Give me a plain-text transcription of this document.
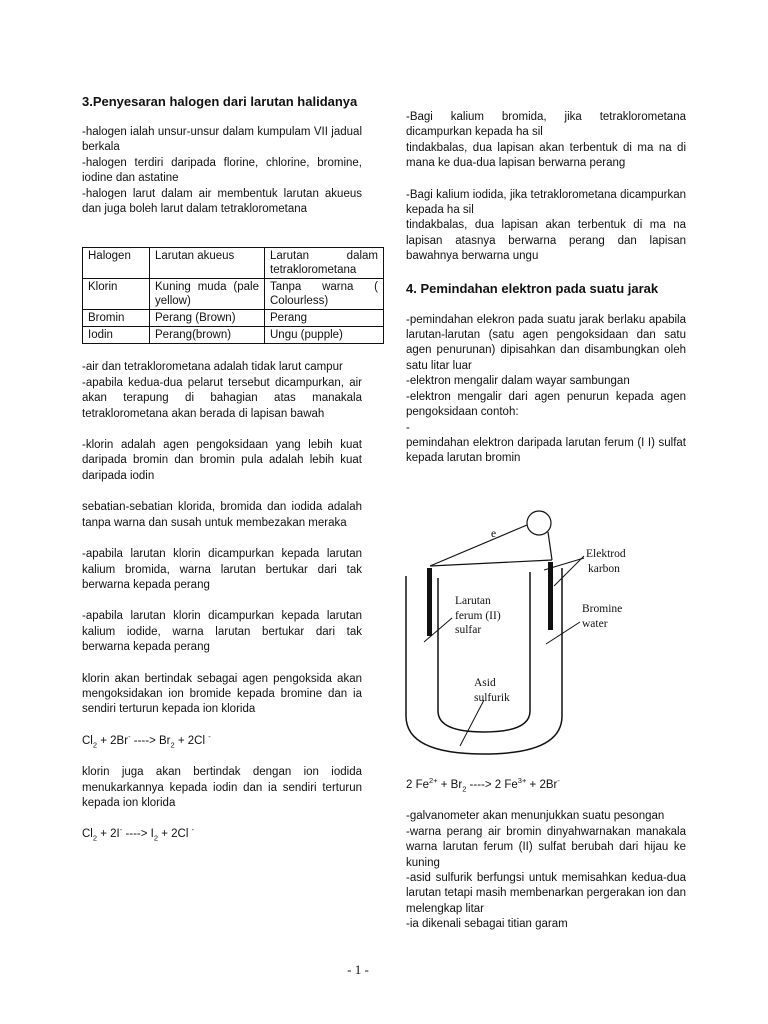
3.Penyesaran halogen dari larutan halidanya

-halogen ialah unsur-unsur dalam kumpulam VII jadual berkala
-halogen terdiri daripada florine, chlorine, bromine, iodine dan astatine
-halogen larut dalam air membentuk larutan akueus dan juga boleh larut dalam tetraklorometana

Halogen	Larutan akueus	Larutan dalam tetraklorometana
Klorin	Kuning muda (pale yellow)	Tanpa warna ( Colourless)
Bromin	Perang (Brown)	Perang
Iodin	Perang(brown)	Ungu (pupple)

-air dan tetraklorometana adalah tidak larut campur
-apabila kedua-dua pelarut tersebut dicampurkan, air akan terapung di bahagian atas manakala tetraklorometana akan berada di lapisan bawah

-klorin adalah agen pengoksidaan yang lebih kuat daripada bromin dan bromin pula adalah lebih kuat daripada iodin

sebatian-sebatian klorida, bromida dan iodida adalah tanpa warna dan susah untuk membezakan meraka

-apabila larutan klorin dicampurkan kepada larutan kalium bromida, warna larutan bertukar dari tak berwarna kepada perang

-apabila larutan klorin dicampurkan kepada larutan kalium iodide, warna larutan bertukar dari tak berwarna kepada perang

klorin akan bertindak sebagai agen pengoksida akan mengoksidakan ion bromide kepada bromine dan ia sendiri terturun kepada ion klorida

$Cl_2 + 2Br^-$ ----> $Br_2 + 2Cl$ -

klorin juga akan bertindak dengan ion iodida menukarkannya kepada iodin dan ia sendiri terturun kepada ion klorida

$Cl_2 + 2I^-$ ----> $I_2 + 2Cl$ -

-Bagi kalium bromida, jika tetraklorometana dicampurkan kepada ha sil
tindakbalas, dua lapisan akan terbentuk di ma na di mana ke dua-dua lapisan berwarna perang

-Bagi kalium iodida, jika tetraklorometana dicampurkan kepada ha sil
tindakbalas, dua lapisan akan terbentuk di ma na lapisan atasnya berwarna perang dan lapisan bawahnya berwarna ungu

4. Pemindahan elektron pada suatu jarak

-pemindahan elekron pada suatu jarak berlaku apabila larutan-larutan (satu agen pengoksidaan dan satu agen penurunan) dipisahkan dan disambungkan oleh satu litar luar
-elektron mengalir dalam wayar sambungan
-elektron mengalir dari agen penurun kepada agen pengoksidaan contoh:
-
pemindahan elektron daripada larutan ferum (I I) sulfat kepada larutan bromin

e
Elektrod
karbon
Larutan
ferum (II)
sulfar
Bromine
water
Asid
sulfurik

2 $Fe^{2+} + Br_2$ ----> 2 $Fe^{3+} + 2Br^-$

-galvanometer akan menunjukkan suatu pesongan
-warna perang air bromin dinyahwarnakan manakala warna larutan ferum (II) sulfat berubah dari hijau ke kuning
-asid sulfurik berfungsi untuk memisahkan kedua-dua larutan tetapi masih membenarkan pergerakan ion dan melengkap litar
-ia dikenali sebagai titian garam

- 1 -
